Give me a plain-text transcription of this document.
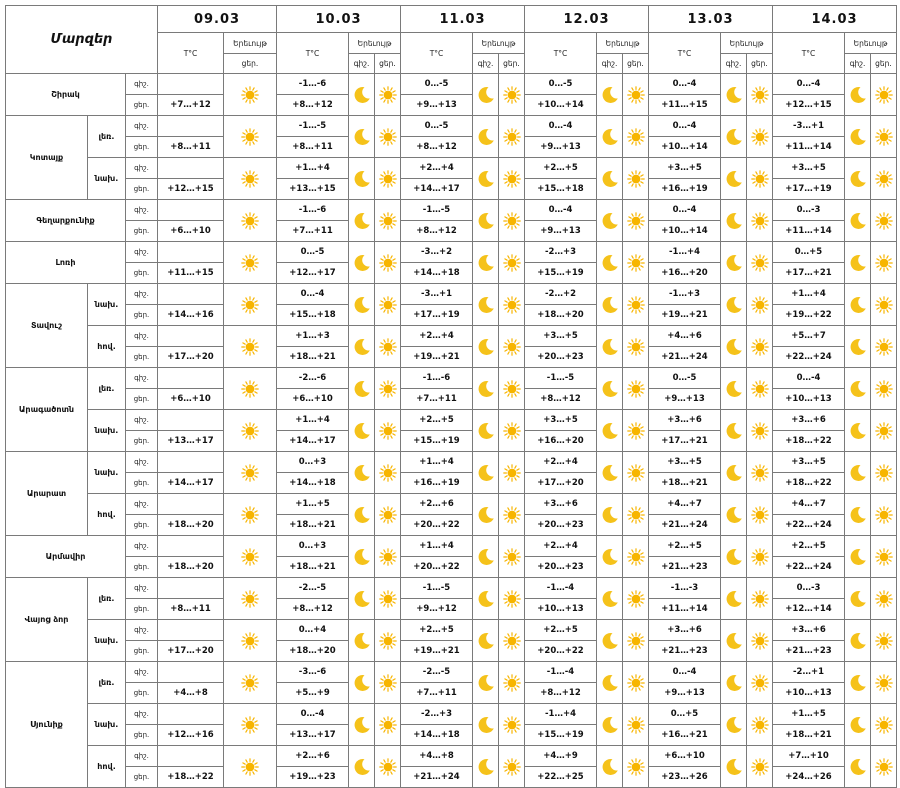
Մարզեր			09.03		10.03			11.03			12.03			13.03			14.03		
			T°C	Երեւույթ	T°C	Երեւույթ		T°C	Երեւույթ		T°C	Երեւույթ		T°C	Երեւույթ		T°C	Երեւույթ	
				ցեր.		գիշ.	ցեր.		գիշ.	ցեր.		գիշ.	ցեր.		գիշ.	ցեր.		գիշ.	ցեր.
Շիրակ		գիշ.			-1…-6			0…-5			0…-5			0…-4			0…-4	

		ցեր.	+7…+12		+8…+12			+9…+13			+10…+14			+11…+15			+12…+15		
Կոտայք	լեռ.	գիշ.			-1…-5			0…-5			0…-4			0…-4			-3…+1	

		ցեր.	+8…+11		+8…+11			+8…+12			+9…+13			+10…+14			+11…+14		
	նախ.	գիշ.			+1…+4			+2…+4			+2…+5			+3…+5			+3…+5	

		ցեր.	+12…+15		+13…+15			+14…+17			+15…+18			+16…+19			+17…+19		
Գեղարքունիք		գիշ.			-1…-6			-1…-5			0…-4			0…-4			0…-3	

		ցեր.	+6…+10		+7…+11			+8…+12			+9…+13			+10…+14			+11…+14		
Լոռի		գիշ.			0…-5			-3…+2			-2…+3			-1…+4			0…+5	

		ցեր.	+11…+15		+12…+17			+14…+18			+15…+19			+16…+20			+17…+21		
Տավուշ	նախ.	գիշ.			0…-4			-3…+1			-2…+2			-1…+3			+1…+4	

		ցեր.	+14…+16		+15…+18			+17…+19			+18…+20			+19…+21			+19…+22		
	հով.	գիշ.			+1…+3			+2…+4			+3…+5			+4…+6			+5…+7	

		ցեր.	+17…+20		+18…+21			+19…+21			+20…+23			+21…+24			+22…+24		
Արագածոտն	լեռ.	գիշ.			-2…-6			-1…-6			-1…-5			0…-5			0…-4	

		ցեր.	+6…+10		+6…+10			+7…+11			+8…+12			+9…+13			+10…+13		
	նախ.	գիշ.			+1…+4			+2…+5			+3…+5			+3…+6			+3…+6	

		ցեր.	+13…+17		+14…+17			+15…+19			+16…+20			+17…+21			+18…+22		
Արարատ	նախ.	գիշ.			0…+3			+1…+4			+2…+4			+3…+5			+3…+5	

		ցեր.	+14…+17		+14…+18			+16…+19			+17…+20			+18…+21			+18…+22		
	հով.	գիշ.			+1…+5			+2…+6			+3…+6			+4…+7			+4…+7	

		ցեր.	+18…+20		+18…+21			+20…+22			+20…+23			+21…+24			+22…+24		
Արմավիր		գիշ.			0…+3			+1…+4			+2…+4			+2…+5			+2…+5	

		ցեր.	+18…+20		+18…+21			+20…+22			+20…+23			+21…+23			+22…+24		
Վայոց ձոր	լեռ.	գիշ.			-2…-5			-1…-5			-1…-4			-1…-3			0…-3	

		ցեր.	+8…+11		+8…+12			+9…+12			+10…+13			+11…+14			+12…+14		
	նախ.	գիշ.			0…+4			+2…+5			+2…+5			+3…+6			+3…+6	

		ցեր.	+17…+20		+18…+20			+19…+21			+20…+22			+21…+23			+21…+23		
Սյունիք	լեռ.	գիշ.			-3…-6			-2…-5			-1…-4			0…-4			-2…+1	

		ցեր.	+4…+8		+5…+9			+7…+11			+8…+12			+9…+13			+10…+13		
	նախ.	գիշ.			0…-4			-2…+3			-1…+4			0…+5			+1…+5	

		ցեր.	+12…+16		+13…+17			+14…+18			+15…+19			+16…+21			+18…+21		
	հով.	գիշ.			+2…+6			+4…+8			+4…+9			+6…+10			+7…+10	

		ցեր.	+18…+22		+19…+23			+21…+24			+22…+25			+23…+26			+24…+26		
